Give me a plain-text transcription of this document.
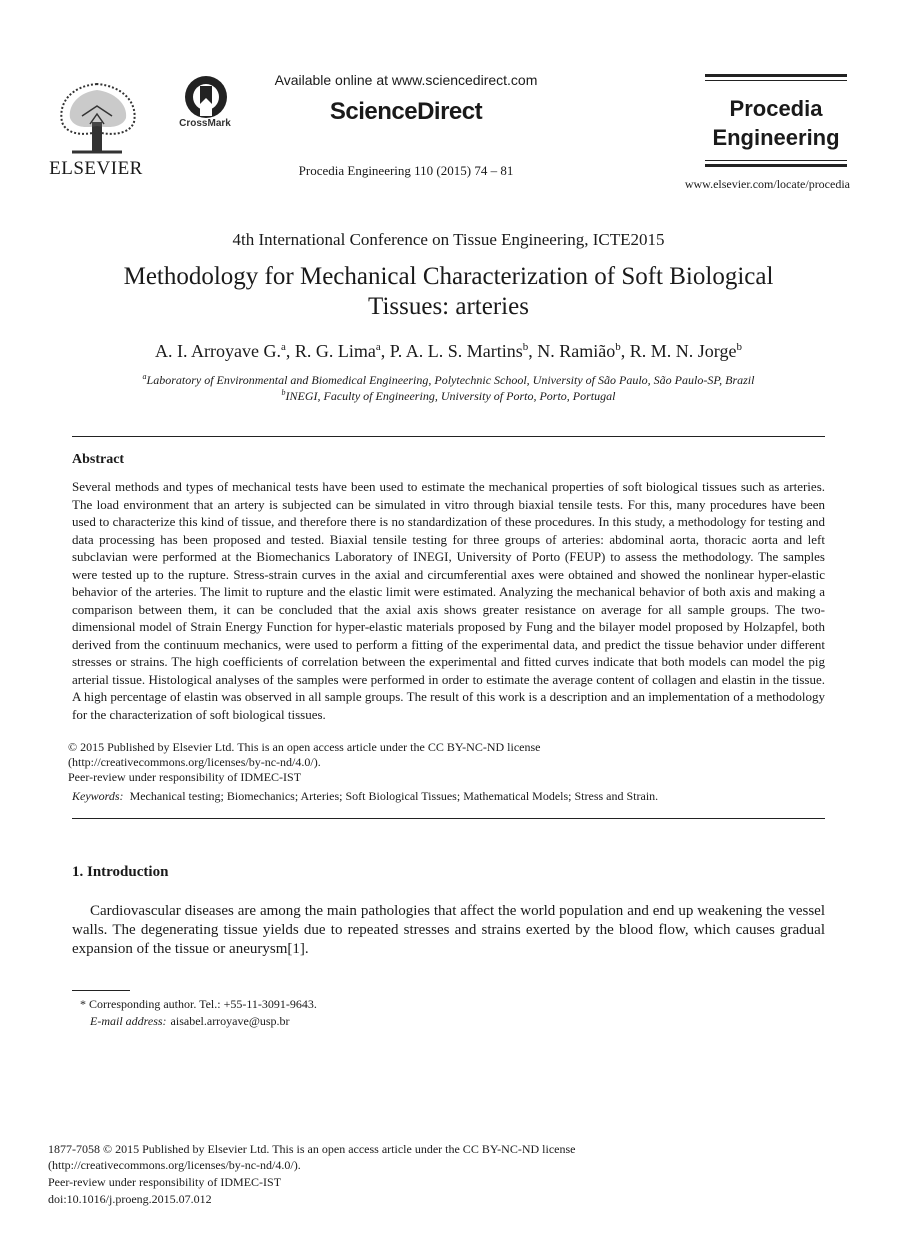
ELSEVIER
CrossMark
Available online at www.sciencedirect.com
ScienceDirect
Procedia Engineering 110 (2015) 74 – 81
Procedia
Engineering
www.elsevier.com/locate/procedia
4th International Conference on Tissue Engineering, ICTE2015
Methodology for Mechanical Characterization of Soft Biological
Tissues: arteries
A. I. Arroyave G.$^a$, R. G. Lima$^a$, P. A. L. S. Martins$^b$, N. Ramião$^b$, R. M. N. Jorge$^b$
$^a$Laboratory of Environmental and Biomedical Engineering, Polytechnic School, University of São Paulo, São Paulo-SP, Brazil
$^b$INEGI, Faculty of Engineering, University of Porto, Porto, Portugal
Abstract

Several methods and types of mechanical tests have been used to estimate the mechanical properties of soft biological tissues such as arteries. The load environment that an artery is subjected can be simulated in vitro through biaxial tensile tests. For this, many procedures have been used to characterize this kind of tissue, and therefore there is no standardization of these procedures. In this study, a methodology for testing and data processing has been proposed and tested. Biaxial tensile testing for three groups of arteries: abdominal aorta, thoracic aorta and left subclavian were performed at the Biomechanics Laboratory of INEGI, University of Porto (FEUP) to assess the methodology. The samples were tested up to the rupture. Stress-strain curves in the axial and circumferential axes were obtained and showed the nonlinear hyper-elastic behavior of the arteries. The limit to rupture and the elastic limit were estimated. Analyzing the mechanical behavior of both axis and making a comparison between them, it can be concluded that the axial axis shows greater resistance on average for all sample groups. The two-dimensional model of Strain Energy Function for hyper-elastic materials proposed by Fung and the bilayer model proposed by Holzapfel, both derived from the continuum mechanics, were used to perform a fitting of the experimental data, and predict the tissue behavior under different stresses or strains. The high coefficients of correlation between the experimental and fitted curves indicate that both models can model the pig arterial tissue. Histological analyses of the samples were performed in order to estimate the average content of collagen and elastin in the tissue. A high percentage of elastin was observed in all sample groups. The result of this work is a description and an implementation of a methodology for the characterization of soft biological tissues.

© 2015 Published by Elsevier Ltd. This is an open access article under the CC BY-NC-ND license
(http://creativecommons.org/licenses/by-nc-nd/4.0/).
Peer-review under responsibility of IDMEC-IST
Keywords: Mechanical testing; Biomechanics; Arteries; Soft Biological Tissues; Mathematical Models; Stress and Strain.
1. Introduction

Cardiovascular diseases are among the main pathologies that affect the world population and end up weakening the vessel walls. The degenerating tissue yields due to repeated stresses and strains exerted by the blood flow, which causes gradual expansion of the tissue or aneurysm[1].

* Corresponding author. Tel.: +55-11-3091-9643.
E-mail address: aisabel.arroyave@usp.br
1877-7058 © 2015 Published by Elsevier Ltd. This is an open access article under the CC BY-NC-ND license
(http://creativecommons.org/licenses/by-nc-nd/4.0/).
Peer-review under responsibility of IDMEC-IST
doi:10.1016/j.proeng.2015.07.012
